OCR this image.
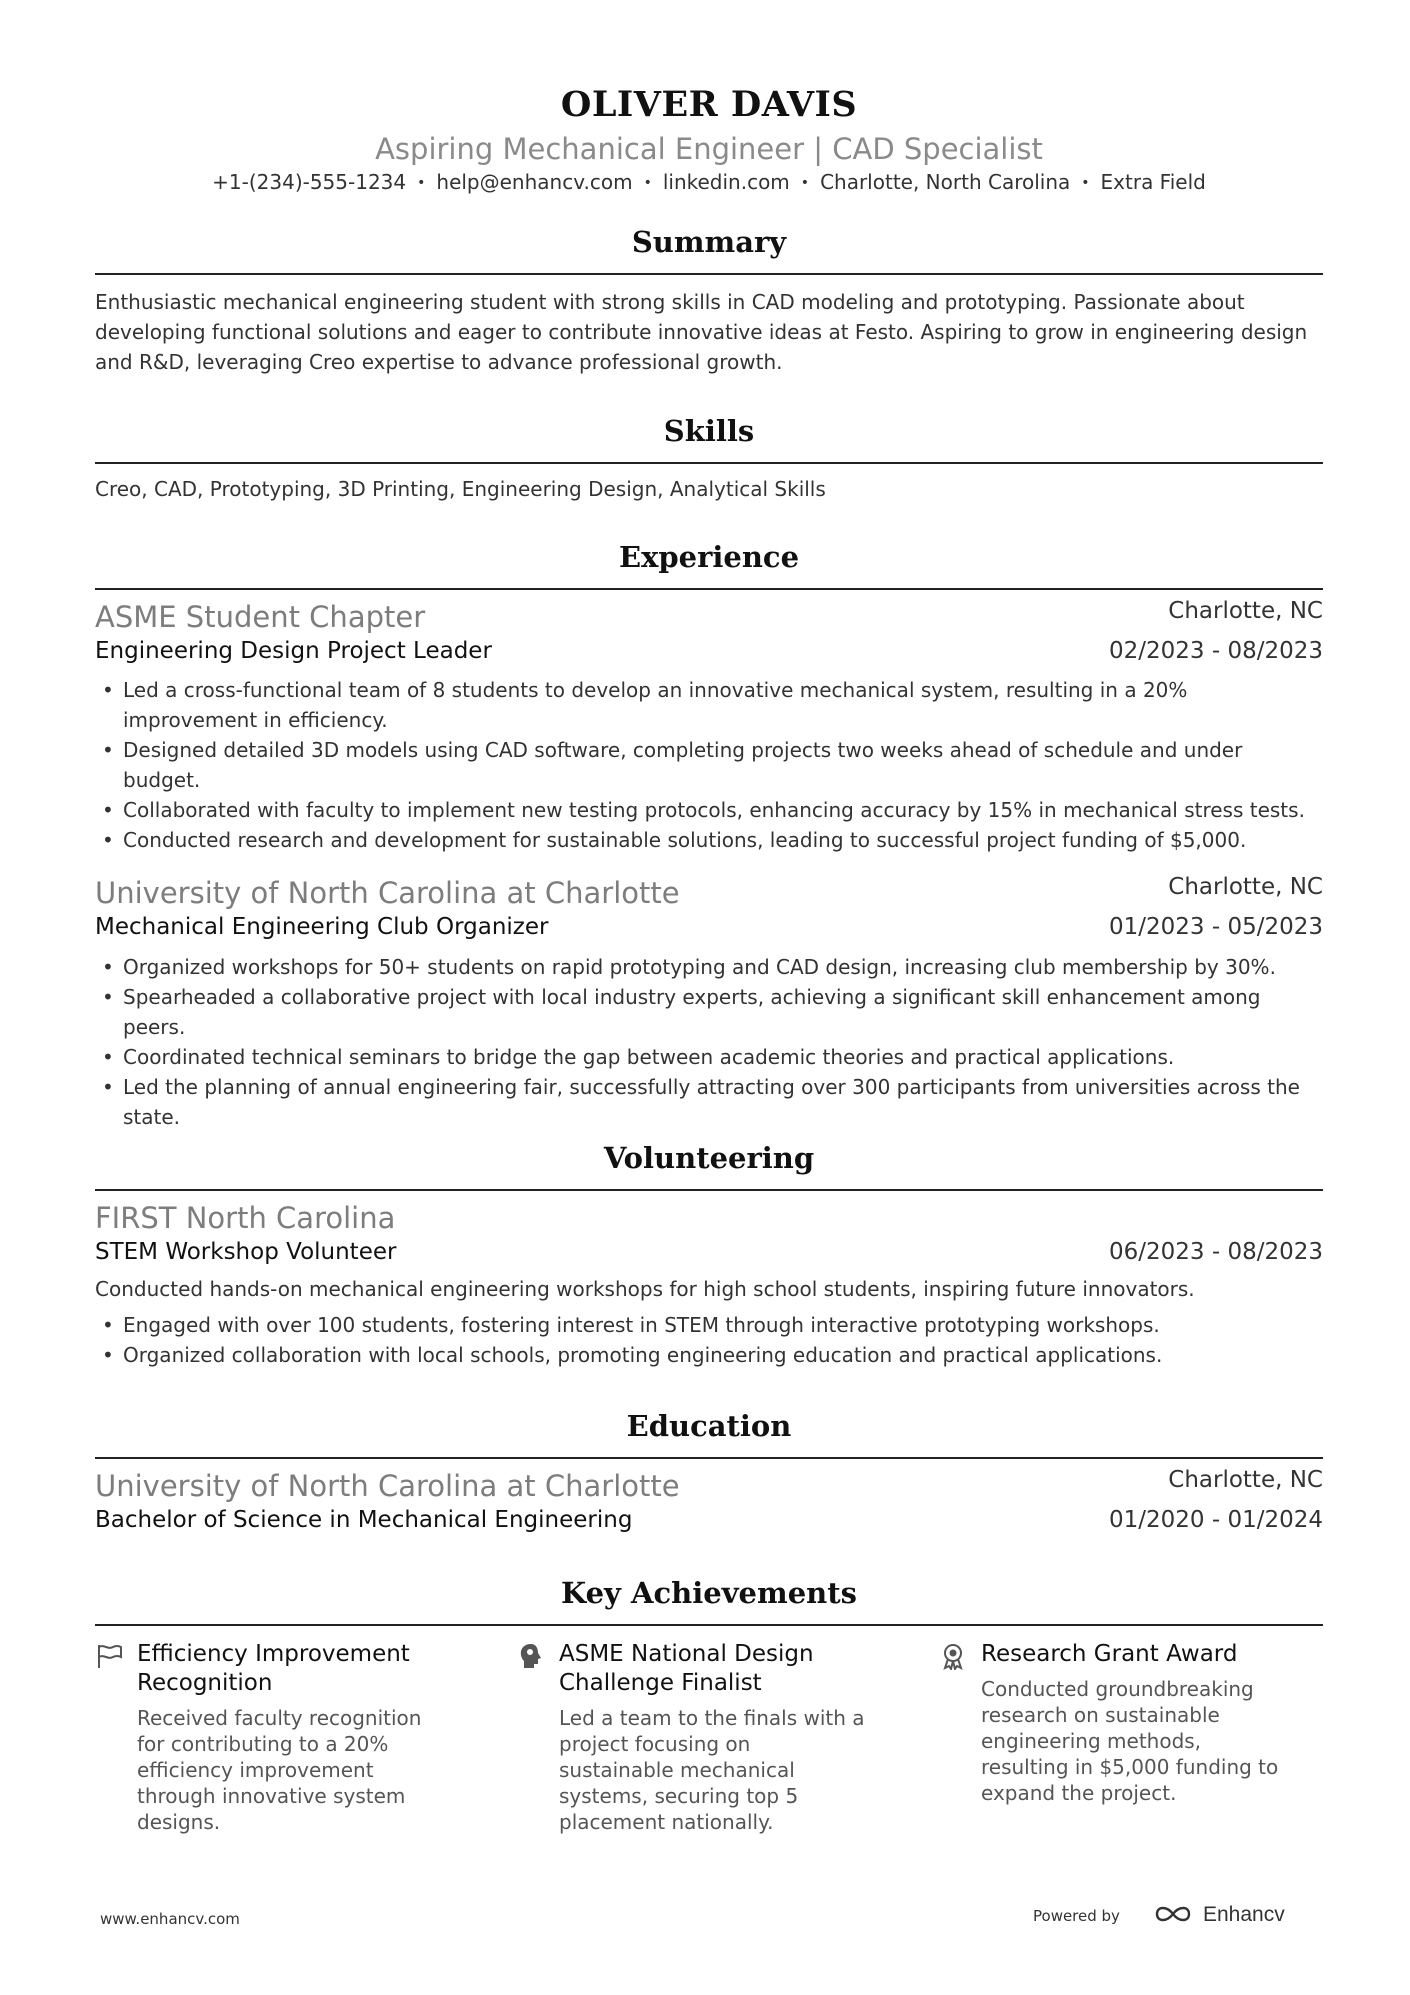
OLIVER DAVIS
Aspiring Mechanical Engineer | CAD Specialist
+1-(234)-555-1234 • help@enhancv.com • linkedin.com • Charlotte, North Carolina • Extra Field
Summary

Enthusiastic mechanical engineering student with strong skills in CAD modeling and prototyping. Passionate about developing functional solutions and eager to contribute innovative ideas at Festo. Aspiring to grow in engineering design and R&D, leveraging Creo expertise to advance professional growth.

Skills

Creo, CAD, Prototyping, 3D Printing, Engineering Design, Analytical Skills

Experience
ASME Student Chapter	Charlotte, NC
Engineering Design Project Leader	02/2023 - 08/2023
• Led a cross-functional team of 8 students to develop an innovative mechanical system, resulting in a 20% improvement in efficiency.
• Designed detailed 3D models using CAD software, completing projects two weeks ahead of schedule and under budget.
• Collaborated with faculty to implement new testing protocols, enhancing accuracy by 15% in mechanical stress tests.
• Conducted research and development for sustainable solutions, leading to successful project funding of $5,000.
University of North Carolina at Charlotte	Charlotte, NC
Mechanical Engineering Club Organizer	01/2023 - 05/2023
• Organized workshops for 50+ students on rapid prototyping and CAD design, increasing club membership by 30%.
• Spearheaded a collaborative project with local industry experts, achieving a significant skill enhancement among peers.
• Coordinated technical seminars to bridge the gap between academic theories and practical applications.
• Led the planning of annual engineering fair, successfully attracting over 300 participants from universities across the state.
Volunteering
FIRST North Carolina
STEM Workshop Volunteer	06/2023 - 08/2023

Conducted hands-on mechanical engineering workshops for high school students, inspiring future innovators.

• Engaged with over 100 students, fostering interest in STEM through interactive prototyping workshops.
• Organized collaboration with local schools, promoting engineering education and practical applications.
Education
University of North Carolina at Charlotte	Charlotte, NC
Bachelor of Science in Mechanical Engineering	01/2020 - 01/2024
Key Achievements
Efficiency Improvement Recognition
Received faculty recognition for contributing to a 20% efficiency improvement through innovative system designs.
ASME National Design Challenge Finalist
Led a team to the finals with a project focusing on sustainable mechanical systems, securing top 5 placement nationally.
Research Grant Award
Conducted groundbreaking research on sustainable engineering methods, resulting in $5,000 funding to expand the project.
www.enhancv.com	Powered by	Enhancv
